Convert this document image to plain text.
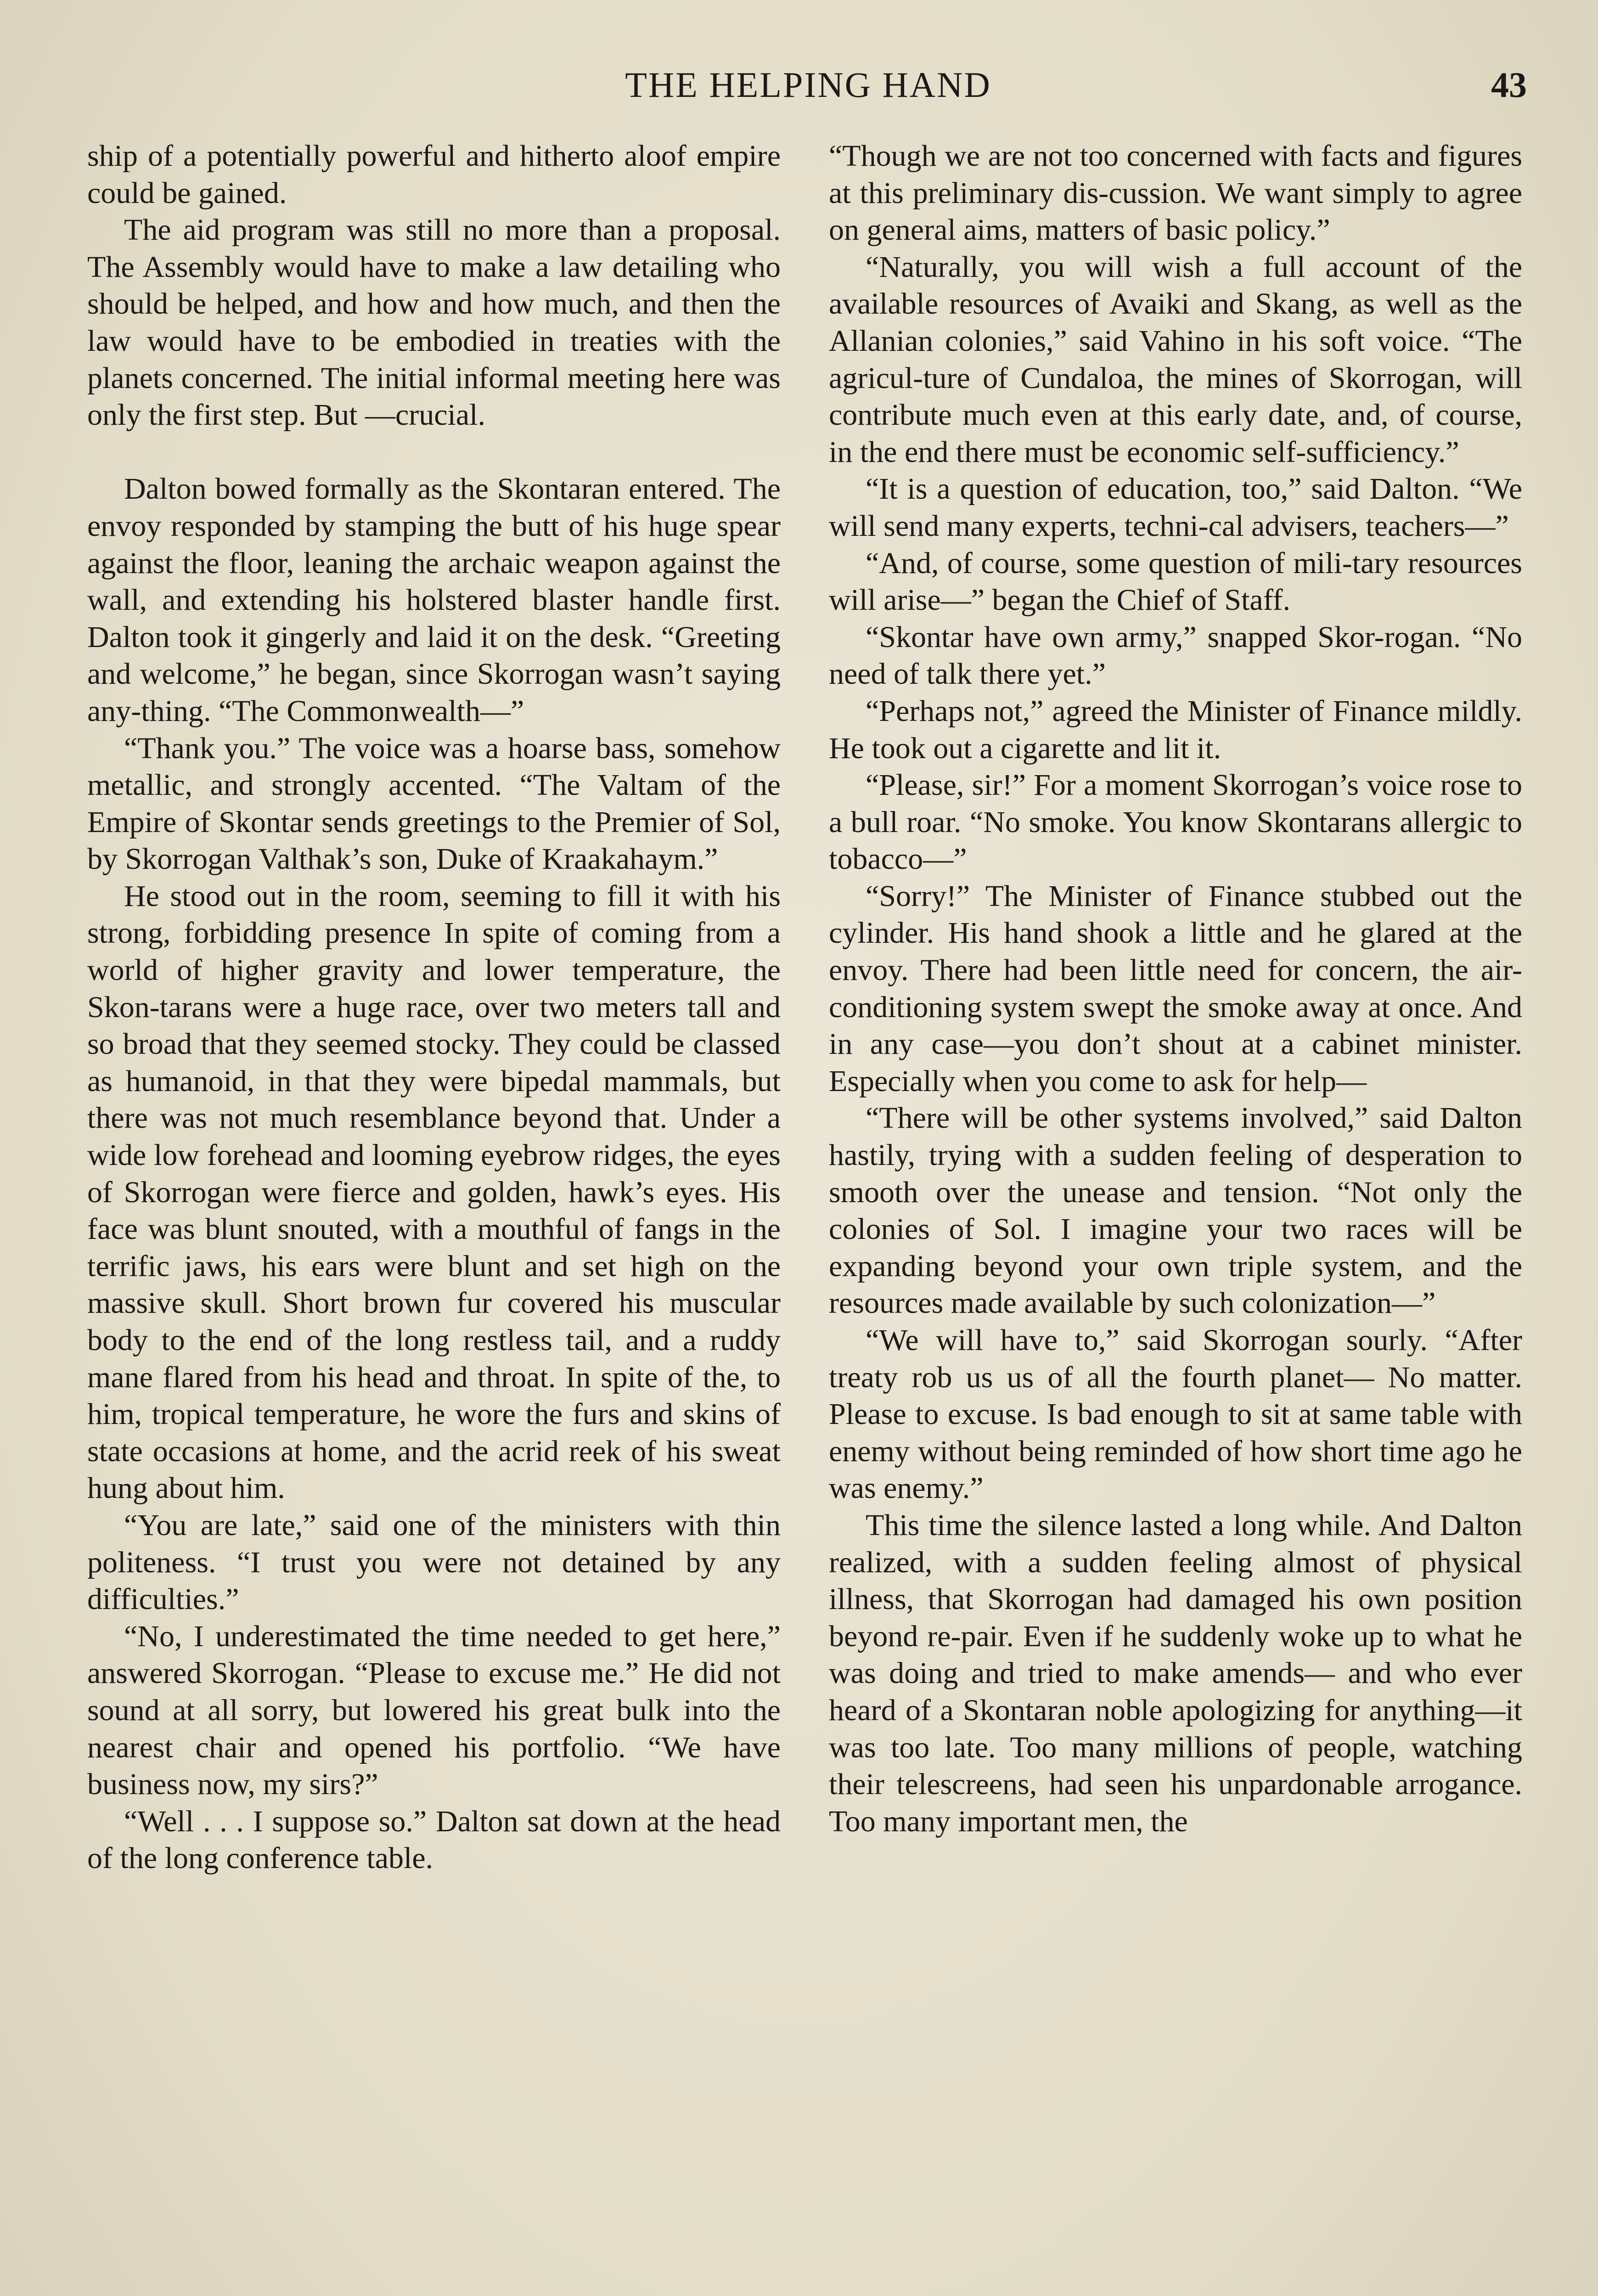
THE HELPING HAND	43

ship of a potentially powerful and hitherto aloof empire could be gained.

The aid program was still no more than a proposal. The Assembly would have to make a law detailing who should be helped, and how and how much, and then the law would have to be embodied in treaties with the planets concerned. The initial informal meeting here was only the first step. But —crucial.

Dalton bowed formally as the Skontaran entered. The envoy responded by stamping the butt of his huge spear against the floor, leaning the archaic weapon against the wall, and extending his holstered blaster handle first. Dalton took it gingerly and laid it on the desk. “Greeting and welcome,” he began, since Skorrogan wasn’t saying any-thing. “The Commonwealth—”

“Thank you.” The voice was a hoarse bass, somehow metallic, and strongly accented. “The Valtam of the Empire of Skontar sends greetings to the Premier of Sol, by Skorrogan Valthak’s son, Duke of Kraakahaym.”

He stood out in the room, seeming to fill it with his strong, forbidding presence In spite of coming from a world of higher gravity and lower temperature, the Skon-tarans were a huge race, over two meters tall and so broad that they seemed stocky. They could be classed as humanoid, in that they were bipedal mammals, but there was not much resemblance beyond that. Under a wide low forehead and looming eyebrow ridges, the eyes of Skorrogan were fierce and golden, hawk’s eyes. His face was blunt snouted, with a mouthful of fangs in the terrific jaws, his ears were blunt and set high on the massive skull. Short brown fur covered his muscular body to the end of the long restless tail, and a ruddy mane flared from his head and throat. In spite of the, to him, tropical temperature, he wore the furs and skins of state occasions at home, and the acrid reek of his sweat hung about him.

“You are late,” said one of the ministers with thin politeness. “I trust you were not detained by any difficulties.”

“No, I underestimated the time needed to get here,” answered Skorrogan. “Please to excuse me.” He did not sound at all sorry, but lowered his great bulk into the nearest chair and opened his portfolio. “We have business now, my sirs?”

“Well . . . I suppose so.” Dalton sat down at the head of the long conference table.

“Though we are not too concerned with facts and figures at this preliminary dis-cussion. We want simply to agree on general aims, matters of basic policy.”

“Naturally, you will wish a full account of the available resources of Avaiki and Skang, as well as the Allanian colonies,” said Vahino in his soft voice. “The agricul-ture of Cundaloa, the mines of Skorrogan, will contribute much even at this early date, and, of course, in the end there must be economic self-sufficiency.”

“It is a question of education, too,” said Dalton. “We will send many experts, techni-cal advisers, teachers—”

“And, of course, some question of mili-tary resources will arise—” began the Chief of Staff.

“Skontar have own army,” snapped Skor-rogan. “No need of talk there yet.”

“Perhaps not,” agreed the Minister of Finance mildly. He took out a cigarette and lit it.

“Please, sir!” For a moment Skorrogan’s voice rose to a bull roar. “No smoke. You know Skontarans allergic to tobacco—”

“Sorry!” The Minister of Finance stubbed out the cylinder. His hand shook a little and he glared at the envoy. There had been little need for concern, the air-conditioning system swept the smoke away at once. And in any case—you don’t shout at a cabinet minister. Especially when you come to ask for help—

“There will be other systems involved,” said Dalton hastily, trying with a sudden feeling of desperation to smooth over the unease and tension. “Not only the colonies of Sol. I imagine your two races will be expanding beyond your own triple system, and the resources made available by such colonization—”

“We will have to,” said Skorrogan sourly. “After treaty rob us us of all the fourth planet— No matter. Please to excuse. Is bad enough to sit at same table with enemy without being reminded of how short time ago he was enemy.”

This time the silence lasted a long while. And Dalton realized, with a sudden feeling almost of physical illness, that Skorrogan had damaged his own position beyond re-pair. Even if he suddenly woke up to what he was doing and tried to make amends— and who ever heard of a Skontaran noble apologizing for anything—it was too late. Too many millions of people, watching their telescreens, had seen his unpardonable arrogance. Too many important men, the
